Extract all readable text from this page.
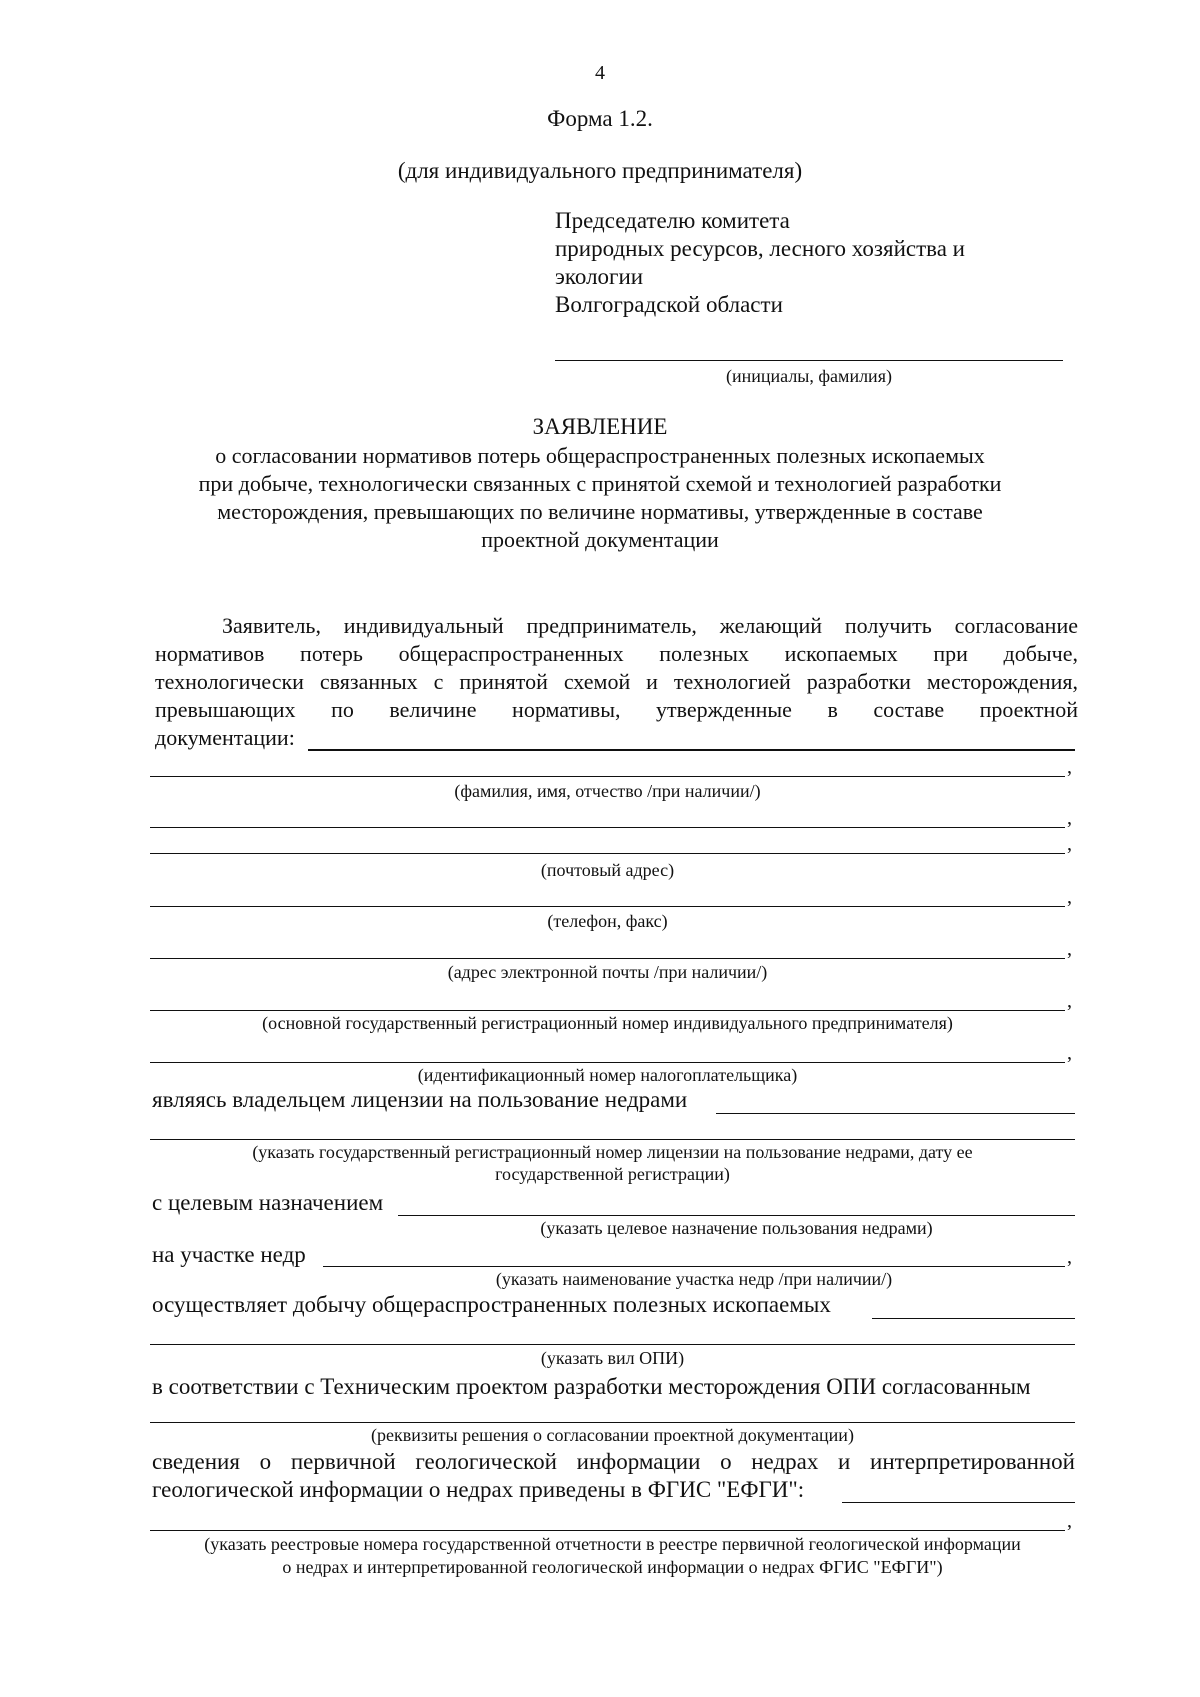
4
Форма 1.2.
(для индивидуального предпринимателя)
Председателю комитета
природных ресурсов, лесного хозяйства и
экологии
Волгоградской области
(инициалы, фамилия)
ЗАЯВЛЕНИЕ
о согласовании нормативов потерь общераспространенных полезных ископаемых
при добыче, технологически связанных с принятой схемой и технологией разработки
месторождения, превышающих по величине нормативы, утвержденные в составе
проектной документации
Заявитель, индивидуальный предприниматель, желающий получить согласование
нормативов потерь общераспространенных полезных ископаемых при добыче,
технологически связанных с принятой схемой и технологией разработки месторождения,
превышающих по величине нормативы, утвержденные в составе проектной
документации:
,
(фамилия, имя, отчество /при наличии/)
,
,
(почтовый адрес)
,
(телефон, факс)
,
(адрес электронной почты /при наличии/)
,
(основной государственный регистрационный номер индивидуального предпринимателя)
,
(идентификационный номер налогоплательщика)
являясь владельцем лицензии на пользование недрами
(указать государственный регистрационный номер лицензии на пользование недрами, дату ее
государственной регистрации)
с целевым назначением
(указать целевое назначение пользования недрами)
на участке недр	,
(указать наименование участка недр /при наличии/)
осуществляет добычу общераспространенных полезных ископаемых
(указать вил ОПИ)
в соответствии с Техническим проектом разработки месторождения ОПИ согласованным
(реквизиты решения о согласовании проектной документации)
сведения о первичной геологической информации о недрах и интерпретированной
геологической информации о недрах приведены в ФГИС "ЕФГИ":
,
(указать реестровые номера государственной отчетности в реестре первичной геологической информации
о недрах и интерпретированной геологической информации о недрах ФГИС "ЕФГИ")
